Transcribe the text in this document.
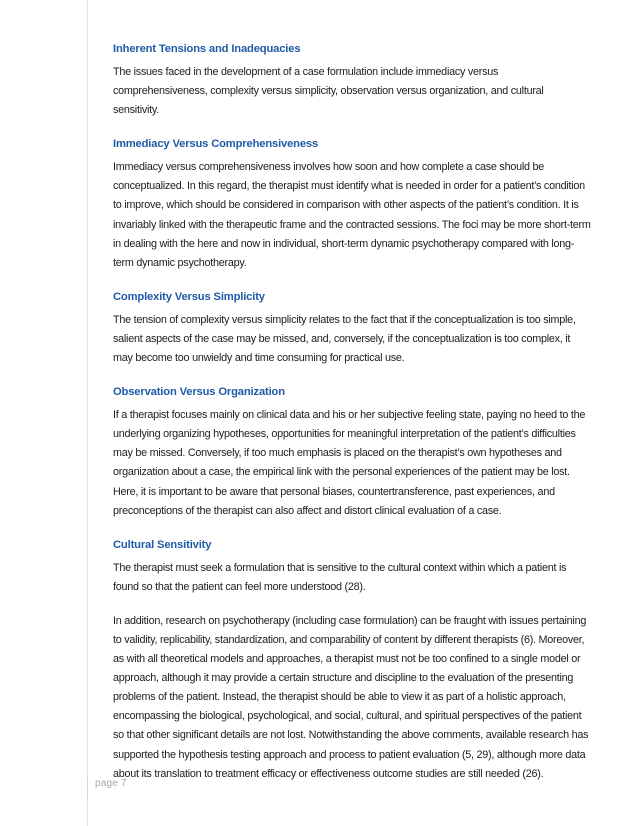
Inherent Tensions and Inadequacies

The issues faced in the development of a case formulation include immediacy versus comprehensiveness, complexity versus simplicity, observation versus organization, and cultural sensitivity.

Immediacy Versus Comprehensiveness

Immediacy versus comprehensiveness involves how soon and how complete a case should be conceptualized. In this regard, the therapist must identify what is needed in order for a patient’s condition to improve, which should be considered in comparison with other aspects of the patient’s condition. It is invariably linked with the therapeutic frame and the contracted sessions. The foci may be more short-term in dealing with the here and now in individual, short-term dynamic psychotherapy compared with long-term dynamic psychotherapy.

Complexity Versus Simplicity

The tension of complexity versus simplicity relates to the fact that if the conceptualization is too simple, salient aspects of the case may be missed, and, conversely, if the conceptualization is too complex, it may become too unwieldy and time consuming for practical use.

Observation Versus Organization

If a therapist focuses mainly on clinical data and his or her subjective feeling state, paying no heed to the underlying organizing hypotheses, opportunities for meaningful interpretation of the patient’s difficulties may be missed. Conversely, if too much emphasis is placed on the therapist’s own hypotheses and organization about a case, the empirical link with the personal experiences of the patient may be lost. Here, it is important to be aware that personal biases, countertransference, past experiences, and preconceptions of the therapist can also affect and distort clinical evaluation of a case.

Cultural Sensitivity

The therapist must seek a formulation that is sensitive to the cultural context within which a patient is found so that the patient can feel more understood (28).

In addition, research on psychotherapy (including case formulation) can be fraught with issues pertaining to validity, replicability, standardization, and comparability of content by different therapists (6). Moreover, as with all theoretical models and approaches, a therapist must not be too confined to a single model or approach, although it may provide a certain structure and discipline to the evaluation of the presenting problems of the patient. Instead, the therapist should be able to view it as part of a holistic approach, encompassing the biological, psychological, and social, cultural, and spiritual perspectives of the patient so that other significant details are not lost. Notwithstanding the above comments, available research has supported the hypothesis testing approach and process to patient evaluation (5, 29), although more data about its translation to treatment efficacy or effectiveness outcome studies are still needed (26).

page 7
